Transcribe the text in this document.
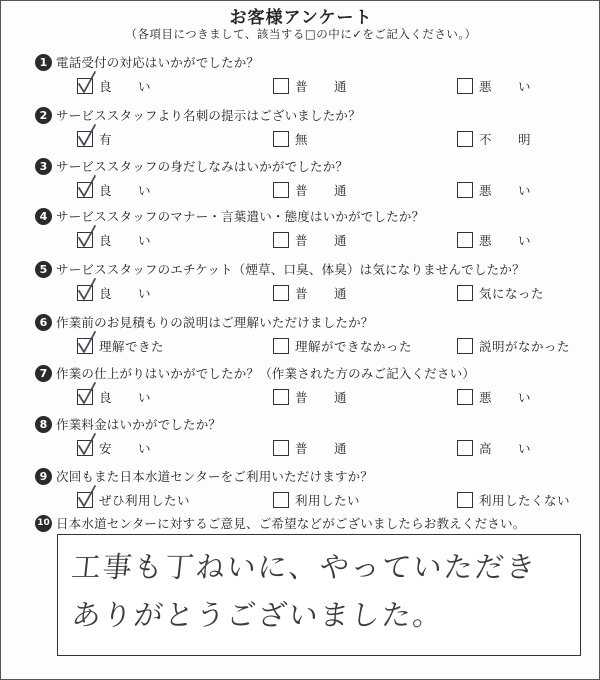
お客様アンケート
（各項目につきまして、該当する□の中に✓をご記入ください。）
1 電話受付の対応はいかがでしたか？
良　　い	普　　通	悪　　い
2 サービススタッフより名刺の提示はございましたか？
有	無	不　　明
3 サービススタッフの身だしなみはいかがでしたか？
良　　い	普　　通	悪　　い
4 サービススタッフのマナー・言葉遣い・態度はいかがでしたか？
良　　い	普　　通	悪　　い
5 サービススタッフのエチケット（煙草、口臭、体臭）は気になりませんでしたか？
良　　い	普　　通	気になった
6 作業前のお見積もりの説明はご理解いただけましたか？
理解できた	理解ができなかった	説明がなかった
7 作業の仕上がりはいかがでしたか？（作業された方のみご記入ください）
良　　い	普　　通	悪　　い
8 作業料金はいかがでしたか？
安　　い	普　　通	高　　い
9 次回もまた日本水道センターをご利用いただけますか？
ぜひ利用したい	利用したい	利用したくない
10 日本水道センターに対するご意見、ご希望などがございましたらお教えください。
工事も丁ねいに、やっていただき
ありがとうございました。
